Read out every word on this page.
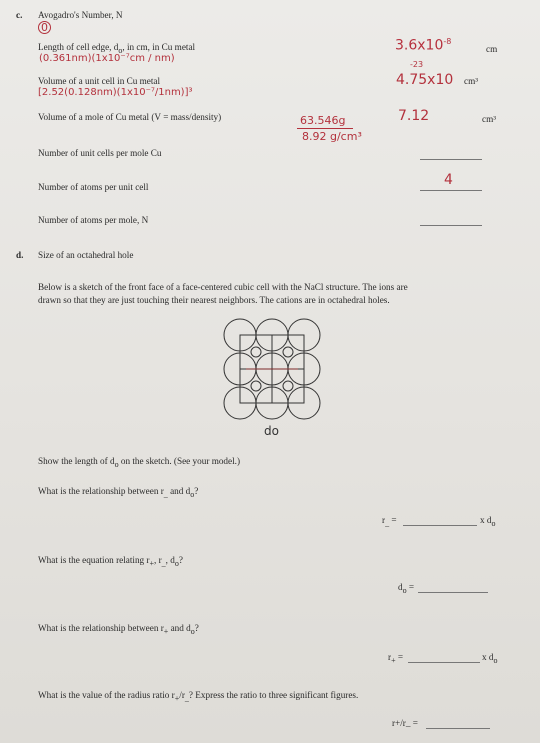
c. Avogadro's Number, N
0
Length of cell edge, $d_o$, in cm, in Cu metal
(0.361nm)(1x10⁻⁷cm / nm)
$3.6x10^{-8}$
cm
Volume of a unit cell in Cu metal
[2.52(0.128nm)(1x10⁻⁷/1nm)]³
-23
4.75x10 cm³
Volume of a mole of Cu metal (V = mass/density)	7.12	cm³
63.546g
8.92 g/cm³
Number of unit cells per mole Cu
Number of atoms per unit cell	4
Number of atoms per mole, N
d. Size of an octahedral hole
Below is a sketch of the front face of a face-centered cubic cell with the NaCl structure. The ions are
drawn so that they are just touching their nearest neighbors. The cations are in octahedral holes.
do
Show the length of $d_o$ on the sketch. (See your model.)
What is the relationship between $r_{\_}$ and $d_o$?
$r_{\_}$ =	x $d_o$
What is the equation relating $r_+$, $r_{\_}$, $d_o$?
$d_o$ =
What is the relationship between $r_+$ and $d_o$?
$r_+$ =	x $d_o$
What is the value of the radius ratio $r_+/r_{\_}$? Express the ratio to three significant figures.
r+/r_ =
